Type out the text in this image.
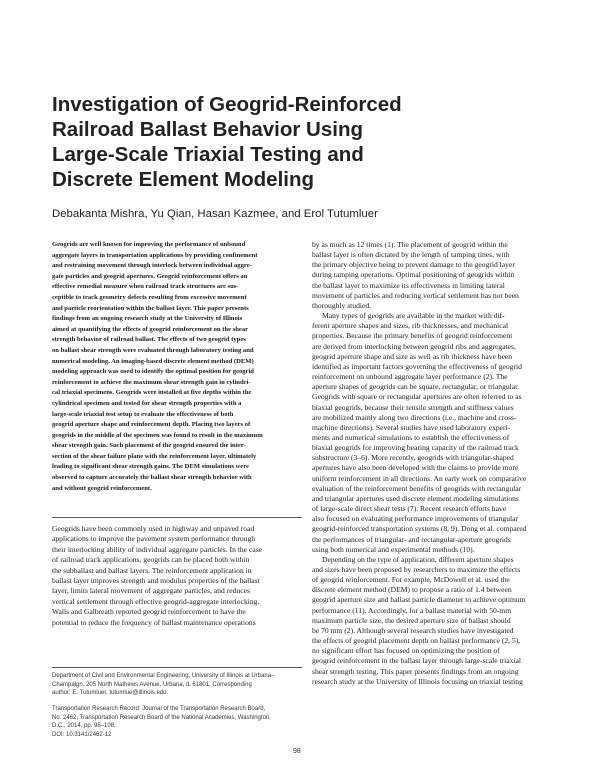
Investigation of Geogrid-Reinforced
Railroad Ballast Behavior Using
Large-Scale Triaxial Testing and
Discrete Element Modeling
Debakanta Mishra, Yu Qian, Hasan Kazmee, and Erol Tutumluer
Geogrids are well known for improving the performance of unbound
aggregate layers in transportation applications by providing confinement
and restraining movement through interlock between individual aggre-
gate particles and geogrid apertures. Geogrid reinforcement offers an
effective remedial measure when railroad track structures are sus-
ceptible to track geometry defects resulting from excessive movement
and particle reorientation within the ballast layer. This paper presents
findings from an ongoing research study at the University of Illinois
aimed at quantifying the effects of geogrid reinforcement on the shear
strength behavior of railroad ballast. The effects of two geogrid types
on ballast shear strength were evaluated through laboratory testing and
numerical modeling. An imaging-based discrete element method (DEM)
modeling approach was used to identify the optimal position for geogrid
reinforcement to achieve the maximum shear strength gain in cylindri-
cal triaxial specimens. Geogrids were installed at five depths within the
cylindrical specimen and tested for shear strength properties with a
large-scale triaxial test setup to evaluate the effectiveness of both
geogrid aperture shape and reinforcement depth. Placing two layers of
geogrids in the middle of the specimen was found to result in the maximum
shear strength gain. Such placement of the geogrid ensured the inter-
section of the shear failure plane with the reinforcement layer, ultimately
leading to significant shear strength gains. The DEM simulations were
observed to capture accurately the ballast shear strength behavior with
and without geogrid reinforcement.
Geogrids have been commonly used in highway and unpaved road
applications to improve the pavement system performance through
their interlocking ability of individual aggregate particles. In the case
of railroad track applications, geogrids can be placed both within
the subballast and ballast layers. The reinforcement application in
ballast layer improves strength and modulus properties of the ballast
layer, limits lateral movement of aggregate particles, and reduces
vertical settlement through effective geogrid-aggregate interlocking.
Walls and Galbreath reported geogrid reinforcement to have the
potential to reduce the frequency of ballast maintenance operations
by as much as 12 times (1). The placement of geogrid within the
ballast layer is often dictated by the length of tamping tines, with
the primary objective being to prevent damage to the geogrid layer
during tamping operations. Optimal positioning of geogrids within
the ballast layer to maximize its effectiveness in limiting lateral
movement of particles and reducing vertical settlement has not been
thoroughly studied.
Many types of geogrids are available in the market with dif-
ferent aperture shapes and sizes, rib thicknesses, and mechanical
properties. Because the primary benefits of geogrid reinforcement
are derived from interlocking between geogrid ribs and aggregates,
geogrid aperture shape and size as well as rib thickness have been
identified as important factors governing the effectiveness of geogrid
reinforcement on unbound aggregate layer performance (2). The
aperture shapes of geogrids can be square, rectangular, or triangular.
Geogrids with square or rectangular apertures are often referred to as
biaxial geogrids, because their tensile strength and stiffness values
are mobilized mainly along two directions (i.e., machine and cross-
machine directions). Several studies have used laboratory experi-
ments and numerical simulations to establish the effectiveness of
biaxial geogrids for improving bearing capacity of the railroad track
substructure (3–6). More recently, geogrids with triangular-shaped
apertures have also been developed with the claims to provide more
uniform reinforcement in all directions. An early work on comparative
evaluation of the reinforcement benefits of geogrids with rectangular
and triangular apertures used discrete element modeling simulations
of large-scale direct shear tests (7). Recent research efforts have
also focused on evaluating performance improvements of triangular
geogrid-reinforced transportation systems (8, 9). Dong et al. compared
the performances of triangular- and rectangular-aperture geogrids
using both numerical and experimental methods (10).
Depending on the type of application, different aperture shapes
and sizes have been proposed by researchers to maximize the effects
of geogrid reinforcement. For example, McDowell et al. used the
discrete element method (DEM) to propose a ratio of 1.4 between
geogrid aperture size and ballast particle diameter to achieve optimum
performance (11). Accordingly, for a ballast material with 50-mm
maximum particle size, the desired aperture size of ballast should
be 70 mm (2). Although several research studies have investigated
the effects of geogrid placement depth on ballast performance (2, 5),
no significant effort has focused on optimizing the position of
geogrid reinforcement in the ballast layer through large-scale triaxial
shear strength testing. This paper presents findings from an ongoing
research study at the University of Illinois focusing on triaxial testing
Department of Civil and Environmental Engineering, University of Illinois at Urbana–
Champaign, 205 North Mathews Avenue, Urbana, IL 61801. Corresponding
author: E. Tutumluer, tutumlue@illinois.edu.
Transportation Research Record: Journal of the Transportation Research Board,
No. 2462, Transportation Research Board of the National Academies, Washington,
D.C., 2014, pp. 98–108.
DOI: 10.3141/2462-12
98
